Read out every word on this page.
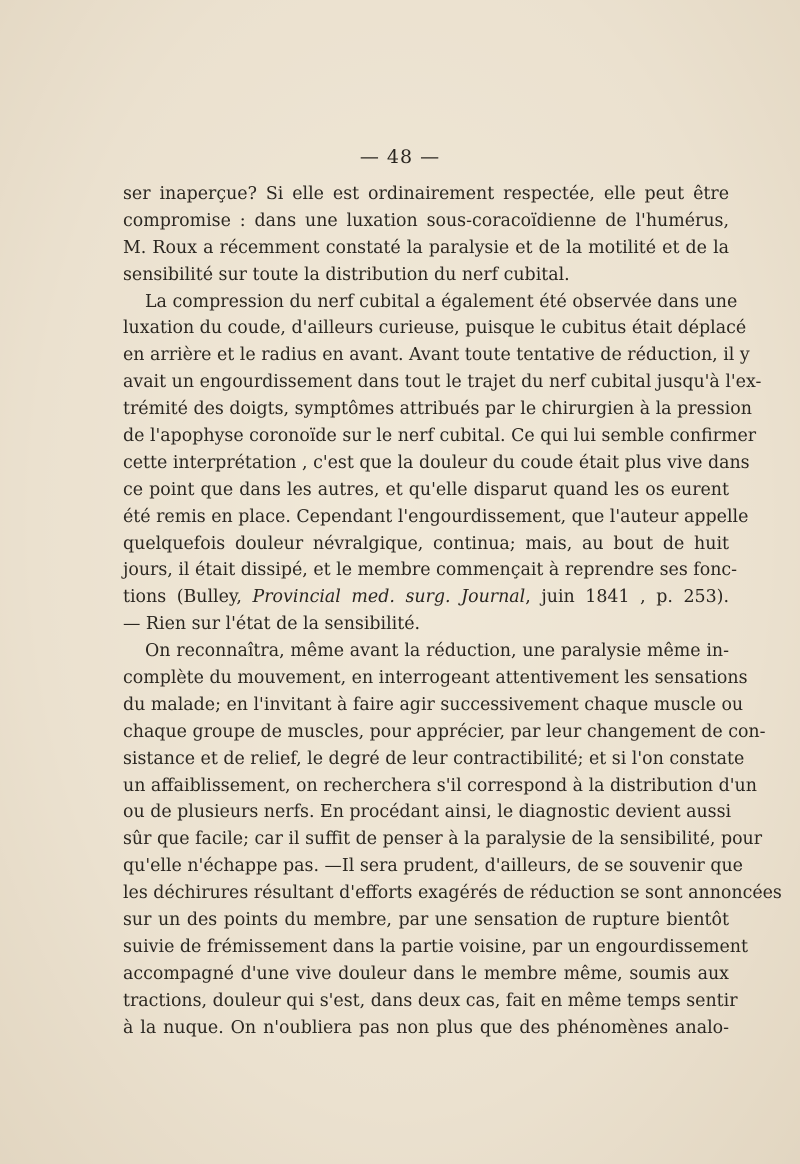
— 48 —
ser inaperçue? Si elle est ordinairement respectée, elle peut être
compromise : dans une luxation sous-coracoïdienne de l'humérus,
M. Roux a récemment constaté la paralysie et de la motilité et de la
sensibilité sur toute la distribution du nerf cubital.
La compression du nerf cubital a également été observée dans une
luxation du coude, d'ailleurs curieuse, puisque le cubitus était déplacé
en arrière et le radius en avant. Avant toute tentative de réduction, il y
avait un engourdissement dans tout le trajet du nerf cubital jusqu'à l'ex-
trémité des doigts, symptômes attribués par le chirurgien à la pression
de l'apophyse coronoïde sur le nerf cubital. Ce qui lui semble confirmer
cette interprétation , c'est que la douleur du coude était plus vive dans
ce point que dans les autres, et qu'elle disparut quand les os eurent
été remis en place. Cependant l'engourdissement, que l'auteur appelle
quelquefois douleur névralgique, continua; mais, au bout de huit
jours, il était dissipé, et le membre commençait à reprendre ses fonc-
tions (Bulley, Provincial med. surg. Journal, juin 1841 , p. 253).
— Rien sur l'état de la sensibilité.
On reconnaîtra, même avant la réduction, une paralysie même in-
complète du mouvement, en interrogeant attentivement les sensations
du malade; en l'invitant à faire agir successivement chaque muscle ou
chaque groupe de muscles, pour apprécier, par leur changement de con-
sistance et de relief, le degré de leur contractibilité; et si l'on constate
un affaiblissement, on recherchera s'il correspond à la distribution d'un
ou de plusieurs nerfs. En procédant ainsi, le diagnostic devient aussi
sûr que facile; car il suffit de penser à la paralysie de la sensibilité, pour
qu'elle n'échappe pas. —Il sera prudent, d'ailleurs, de se souvenir que
les déchirures résultant d'efforts exagérés de réduction se sont annoncées
sur un des points du membre, par une sensation de rupture bientôt
suivie de frémissement dans la partie voisine, par un engourdissement
accompagné d'une vive douleur dans le membre même, soumis aux
tractions, douleur qui s'est, dans deux cas, fait en même temps sentir
à la nuque. On n'oubliera pas non plus que des phénomènes analo-
